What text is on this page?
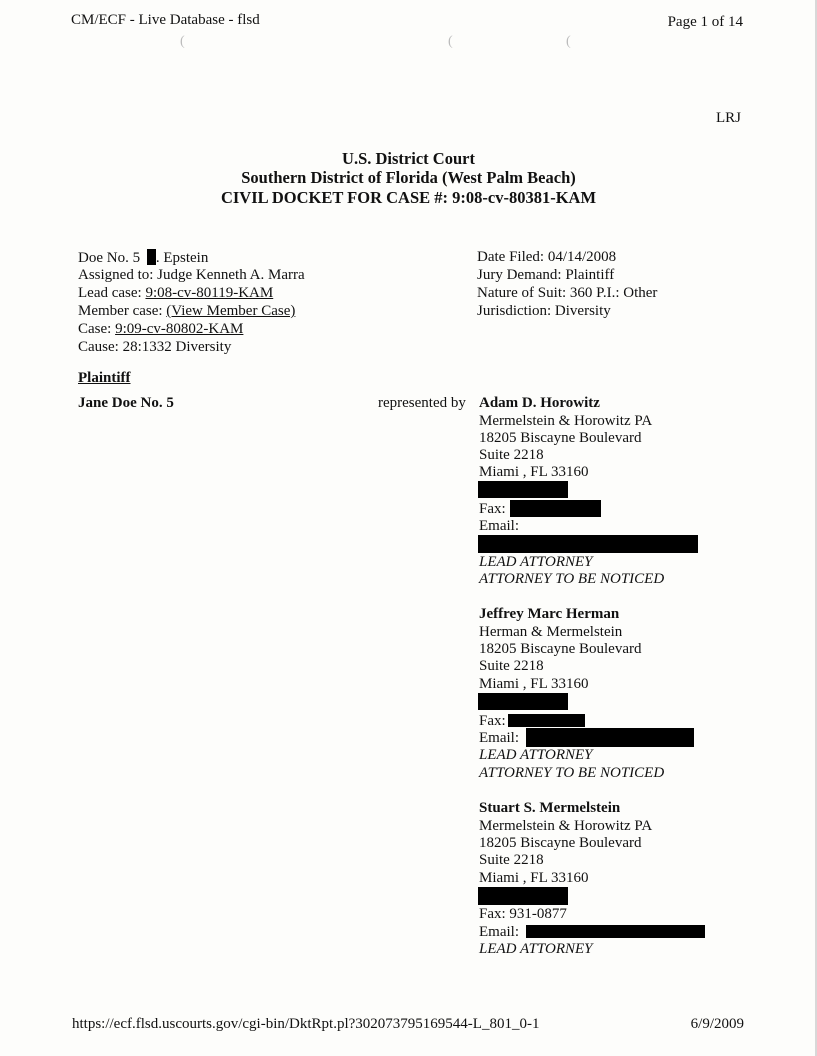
(	(	(
CM/ECF - Live Database - flsd	Page 1 of 14
LRJ
U.S. District Court
Southern District of Florida (West Palm Beach)
CIVIL DOCKET FOR CASE #: 9:08-cv-80381-KAM
Doe No. 5 . Epstein
Assigned to: Judge Kenneth A. Marra
Lead case: 9:08-cv-80119-KAM
Member case: (View Member Case)
Case: 9:09-cv-80802-KAM
Cause: 28:1332 Diversity
Date Filed: 04/14/2008
Jury Demand: Plaintiff
Nature of Suit: 360 P.I.: Other
Jurisdiction: Diversity
Plaintiff
Jane Doe No. 5	represented by Adam D. Horowitz
Mermelstein & Horowitz PA
18205 Biscayne Boulevard
Suite 2218
Miami , FL 33160
Fax:
Email:
LEAD ATTORNEY
ATTORNEY TO BE NOTICED
Jeffrey Marc Herman
Herman & Mermelstein
18205 Biscayne Boulevard
Suite 2218
Miami , FL 33160
Fax:
Email:
LEAD ATTORNEY
ATTORNEY TO BE NOTICED
Stuart S. Mermelstein
Mermelstein & Horowitz PA
18205 Biscayne Boulevard
Suite 2218
Miami , FL 33160
Fax: 931-0877
Email:
LEAD ATTORNEY
https://ecf.flsd.uscourts.gov/cgi-bin/DktRpt.pl?302073795169544-L_801_0-1	6/9/2009
